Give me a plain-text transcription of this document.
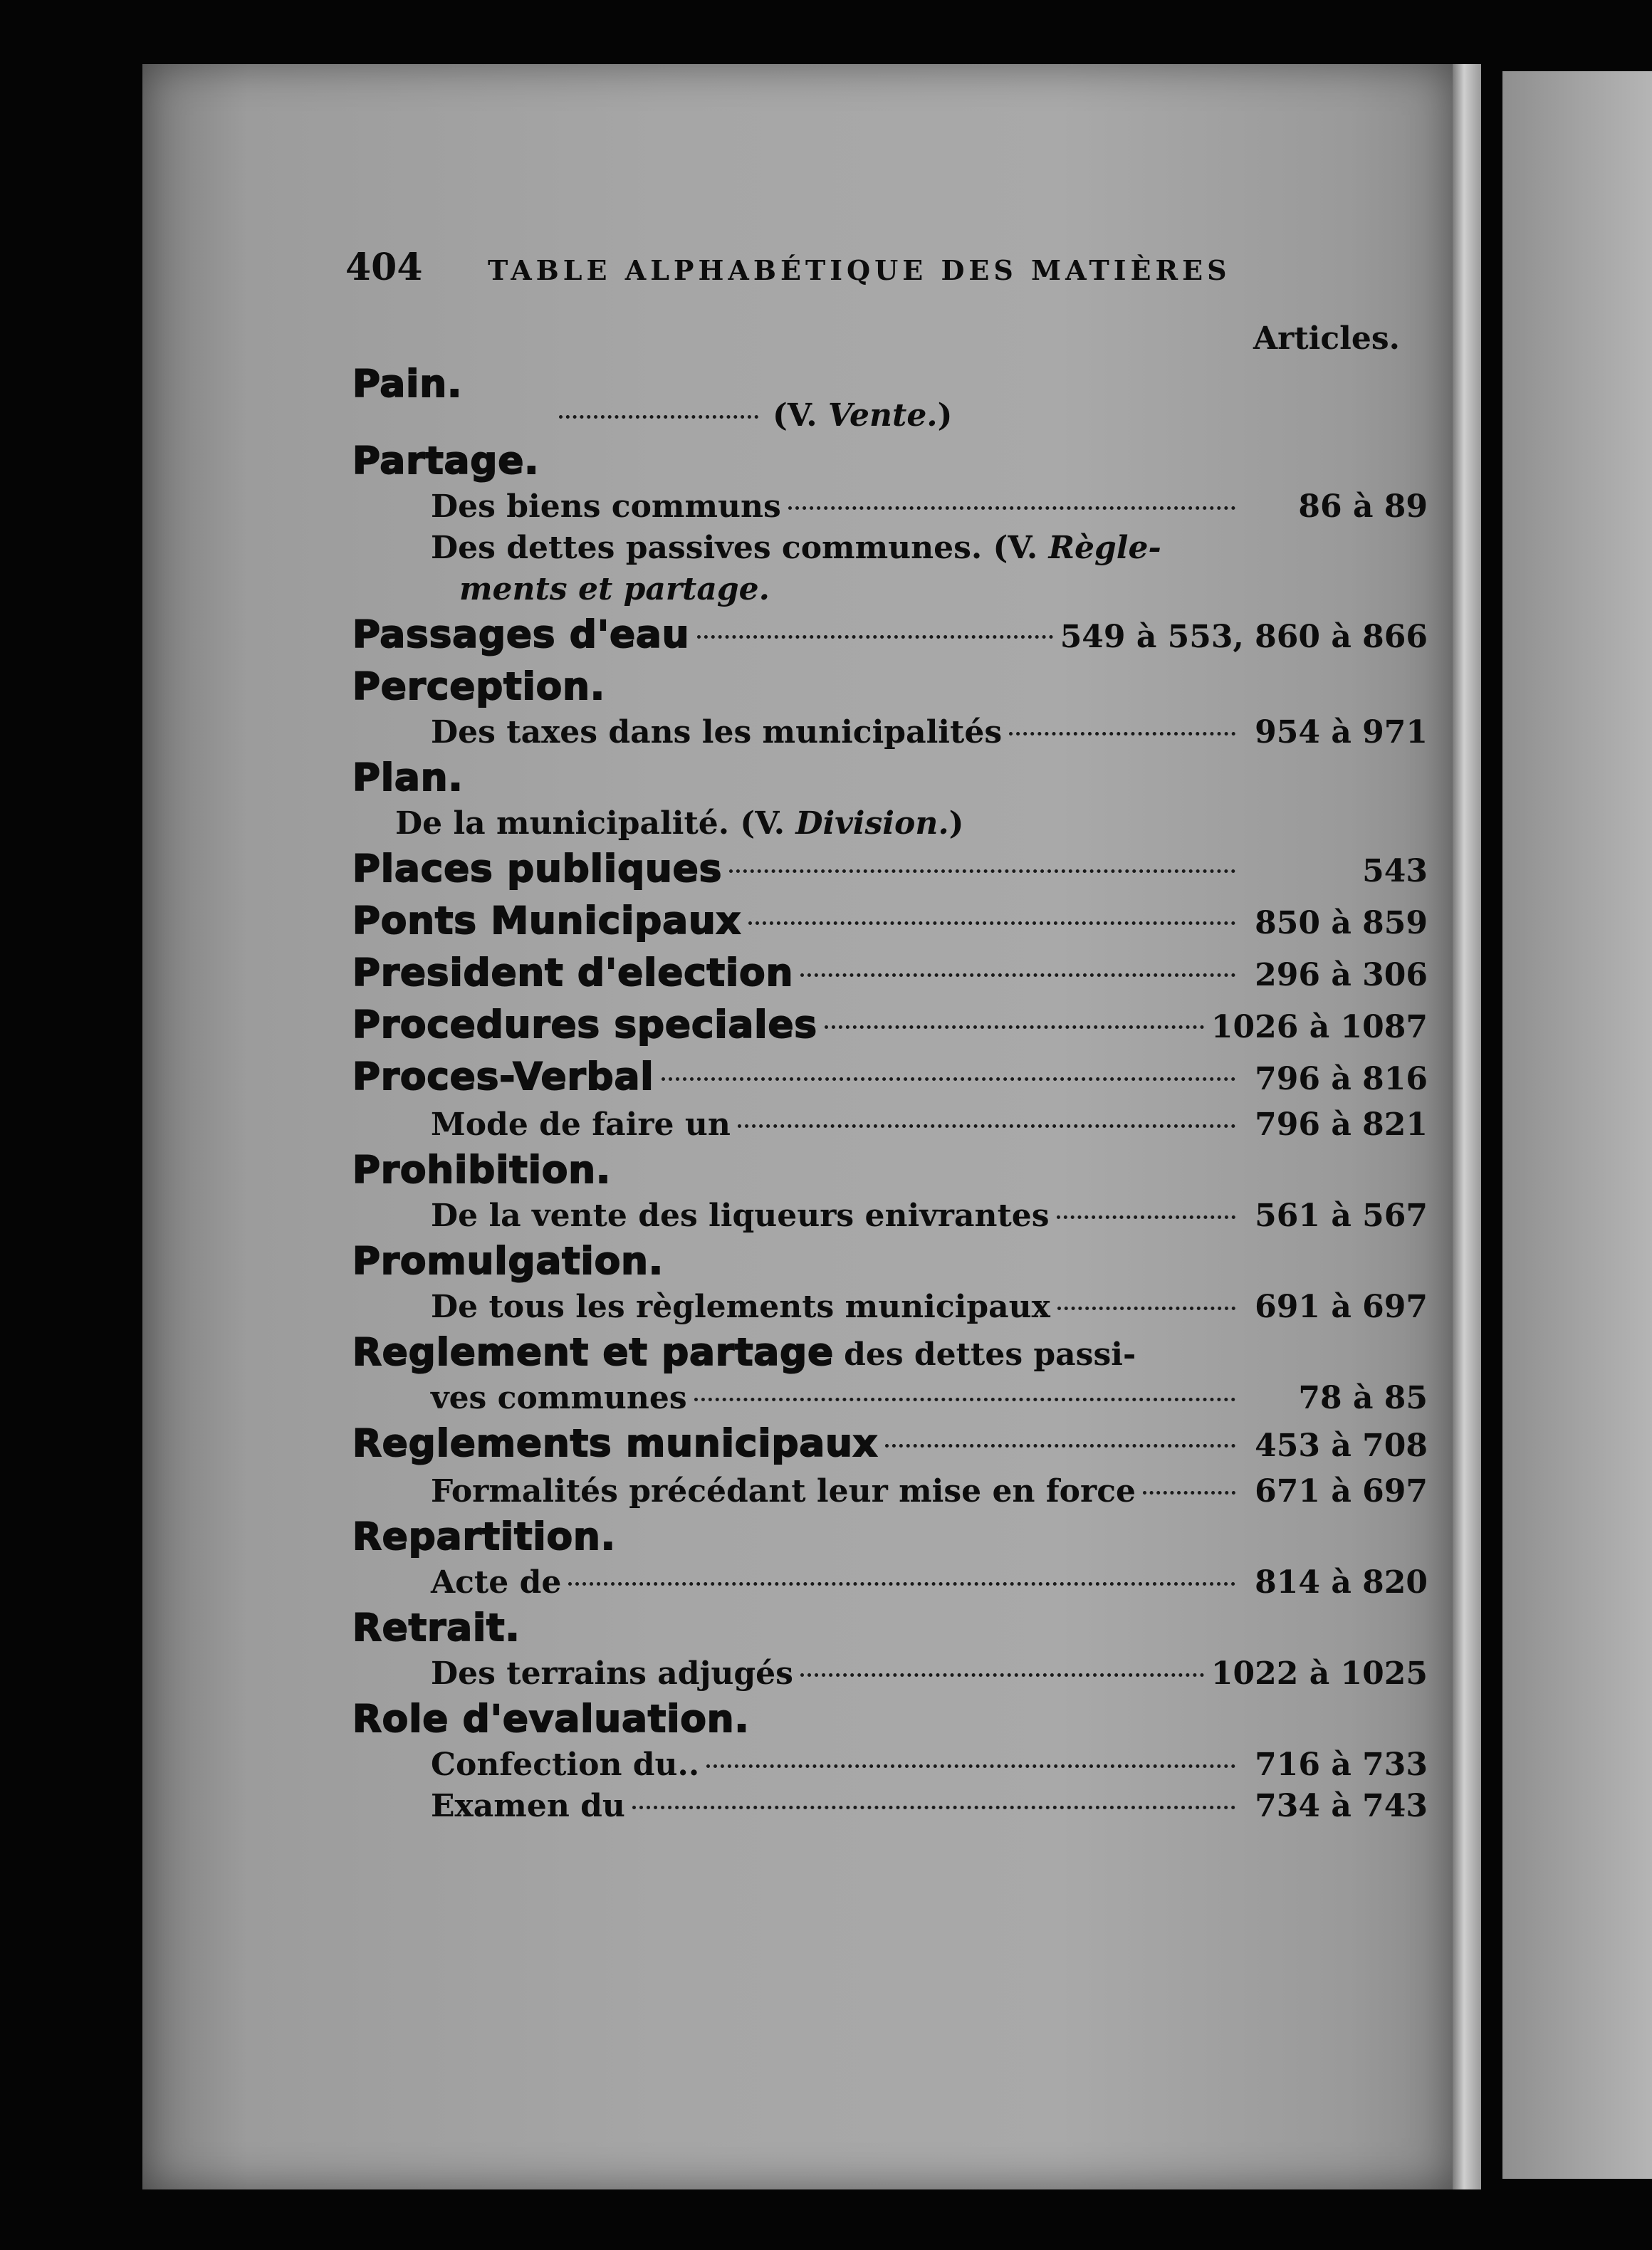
404	TABLE ALPHABÉTIQUE DES MATIÈRES
Articles.
Pain.
(V. Vente.)
Partage.
Des biens communs	86 à 89
Des dettes passives communes. (V. Règle-
ments et partage.
Passages d'eau	549 à 553, 860 à 866
Perception.
Des taxes dans les municipalités	954 à 971
Plan.
De la municipalité. (V. Division.)
Places publiques	543
Ponts Municipaux	850 à 859
President d'election	296 à 306
Procedures speciales	1026 à 1087
Proces-Verbal	796 à 816
Mode de faire un	796 à 821
Prohibition.
De la vente des liqueurs enivrantes	561 à 567
Promulgation.
De tous les règlements municipaux	691 à 697
Reglement et partage des dettes passi-
ves communes	78 à 85
Reglements municipaux	453 à 708
Formalités précédant leur mise en force	671 à 697
Repartition.
Acte de	814 à 820
Retrait.
Des terrains adjugés	1022 à 1025
Role d'evaluation.
Confection du..	716 à 733
Examen du	734 à 743
